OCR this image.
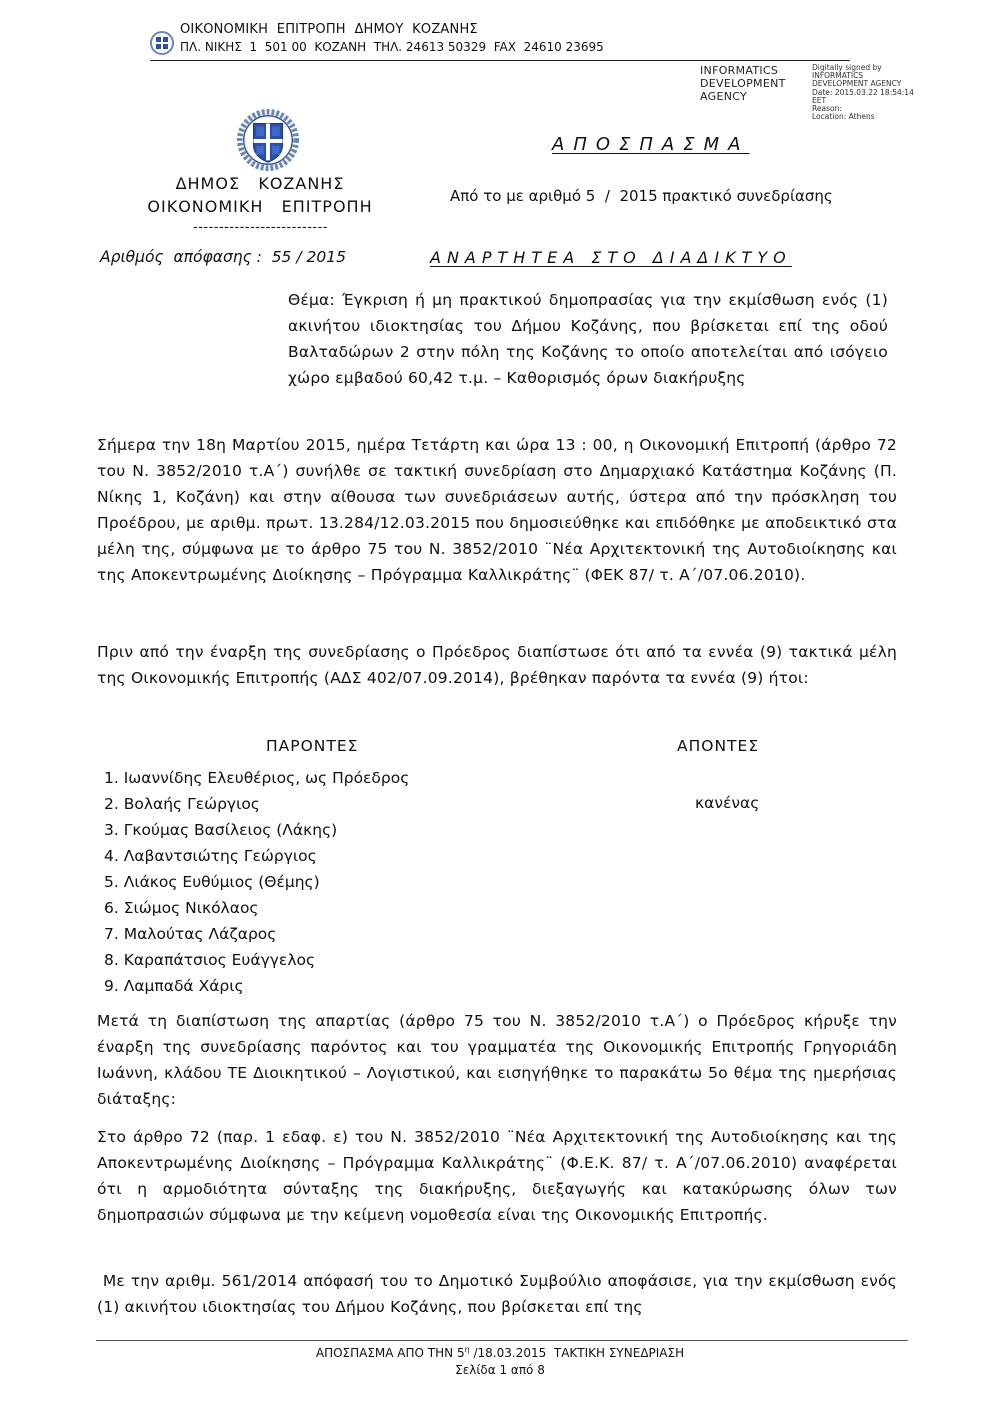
ΟΙΚΟΝΟΜΙΚΗ  ΕΠΙΤΡΟΠΗ  ΔΗΜΟΥ  ΚΟΖΑΝΗΣ
ΠΛ. ΝΙΚΗΣ  1  501 00  ΚΟΖΑΝΗ  ΤΗΛ. 24613 50329  FAX  24610 23695
INFORMATICS DEVELOPMENT AGENCY
Digitally signed by
INFORMATICS
DEVELOPMENT AGENCY
Date: 2015.03.22 18:54:14
EET
Reason:
Location: Athens
ΔΗΜΟΣ   ΚΟΖΑΝΗΣ
ΟΙΚΟΝΟΜΙΚΗ   ΕΠΙΤΡΟΠΗ
--------------------------
ΑΠΟΣΠΑΣΜΑ
Από το με αριθμό 5  /  2015 πρακτικό συνεδρίασης
Αριθμός  απόφασης :  55 / 2015	ΑΝΑΡΤΗΤΕΑ ΣΤΟ ΔΙΑΔΙΚΤΥΟ
Θέμα: Έγκριση ή μη πρακτικού δημοπρασίας για την εκμίσθωση ενός (1) ακινήτου ιδιοκτησίας του Δήμου Κοζάνης, που βρίσκεται επί της οδού Βαλταδώρων 2 στην πόλη της Κοζάνης το οποίο αποτελείται από ισόγειο χώρο εμβαδού 60,42 τ.μ. – Καθορισμός όρων διακήρυξης
Σήμερα την 18η Μαρτίου 2015, ημέρα Τετάρτη και ώρα 13 : 00, η Οικονομική Επιτροπή (άρθρο 72 του Ν. 3852/2010 τ.Α΄) συνήλθε σε τακτική συνεδρίαση στο Δημαρχιακό Κατάστημα Κοζάνης (Π. Νίκης 1, Κοζάνη) και στην αίθουσα των συνεδριάσεων αυτής, ύστερα από την πρόσκληση του Προέδρου, με αριθμ. πρωτ. 13.284/12.03.2015 που δημοσιεύθηκε και επιδόθηκε με αποδεικτικό στα μέλη της, σύμφωνα με το άρθρο 75 του Ν. 3852/2010 ¨Νέα Αρχιτεκτονική της Αυτοδιοίκησης και της Αποκεντρωμένης Διοίκησης – Πρόγραμμα Καλλικράτης¨ (ΦΕΚ 87/ τ. Α΄/07.06.2010).
Πριν από την έναρξη της συνεδρίασης ο Πρόεδρος διαπίστωσε ότι από τα εννέα (9) τακτικά μέλη της Οικονομικής Επιτροπής (ΑΔΣ 402/07.09.2014), βρέθηκαν παρόντα τα εννέα (9) ήτοι:
ΠΑΡΟΝΤΕΣ	ΑΠΟΝΤΕΣ
1. Ιωαννίδης Ελευθέριος, ως Πρόεδρος
2. Βολαής Γεώργιος
3. Γκούμας Βασίλειος (Λάκης)
4. Λαβαντσιώτης Γεώργιος
5. Λιάκος Ευθύμιος (Θέμης)
6. Σιώμος Νικόλαος
7. Μαλούτας Λάζαρος
8. Καραπάτσιος Ευάγγελος
9. Λαμπαδά Χάρις
κανένας
Μετά τη διαπίστωση της απαρτίας (άρθρο 75 του Ν. 3852/2010 τ.Α΄) ο Πρόεδρος κήρυξε την έναρξη της συνεδρίασης παρόντος και του γραμματέα της Οικονομικής Επιτροπής Γρηγοριάδη Ιωάννη, κλάδου ΤΕ Διοικητικού – Λογιστικού, και εισηγήθηκε το παρακάτω 5ο θέμα της ημερήσιας διάταξης:
Στο άρθρο 72 (παρ. 1 εδαφ. ε) του Ν. 3852/2010 ¨Νέα Αρχιτεκτονική της Αυτοδιοίκησης και της Αποκεντρωμένης Διοίκησης – Πρόγραμμα Καλλικράτης¨ (Φ.Ε.Κ. 87/ τ. Α΄/07.06.2010) αναφέρεται ότι η αρμοδιότητα σύνταξης της διακήρυξης, διεξαγωγής και κατακύρωσης όλων των δημοπρασιών σύμφωνα με την κείμενη νομοθεσία είναι της Οικονομικής Επιτροπής.
Με την αριθμ. 561/2014 απόφασή του το Δημοτικό Συμβούλιο αποφάσισε, για την εκμίσθωση ενός (1) ακινήτου ιδιοκτησίας του Δήμου Κοζάνης, που βρίσκεται επί της
ΑΠΟΣΠΑΣΜΑ ΑΠΟ ΤΗΝ $5^\eta$ /18.03.2015  ΤΑΚΤΙΚΗ ΣΥΝΕΔΡΙΑΣΗ
Σελίδα 1 από 8
